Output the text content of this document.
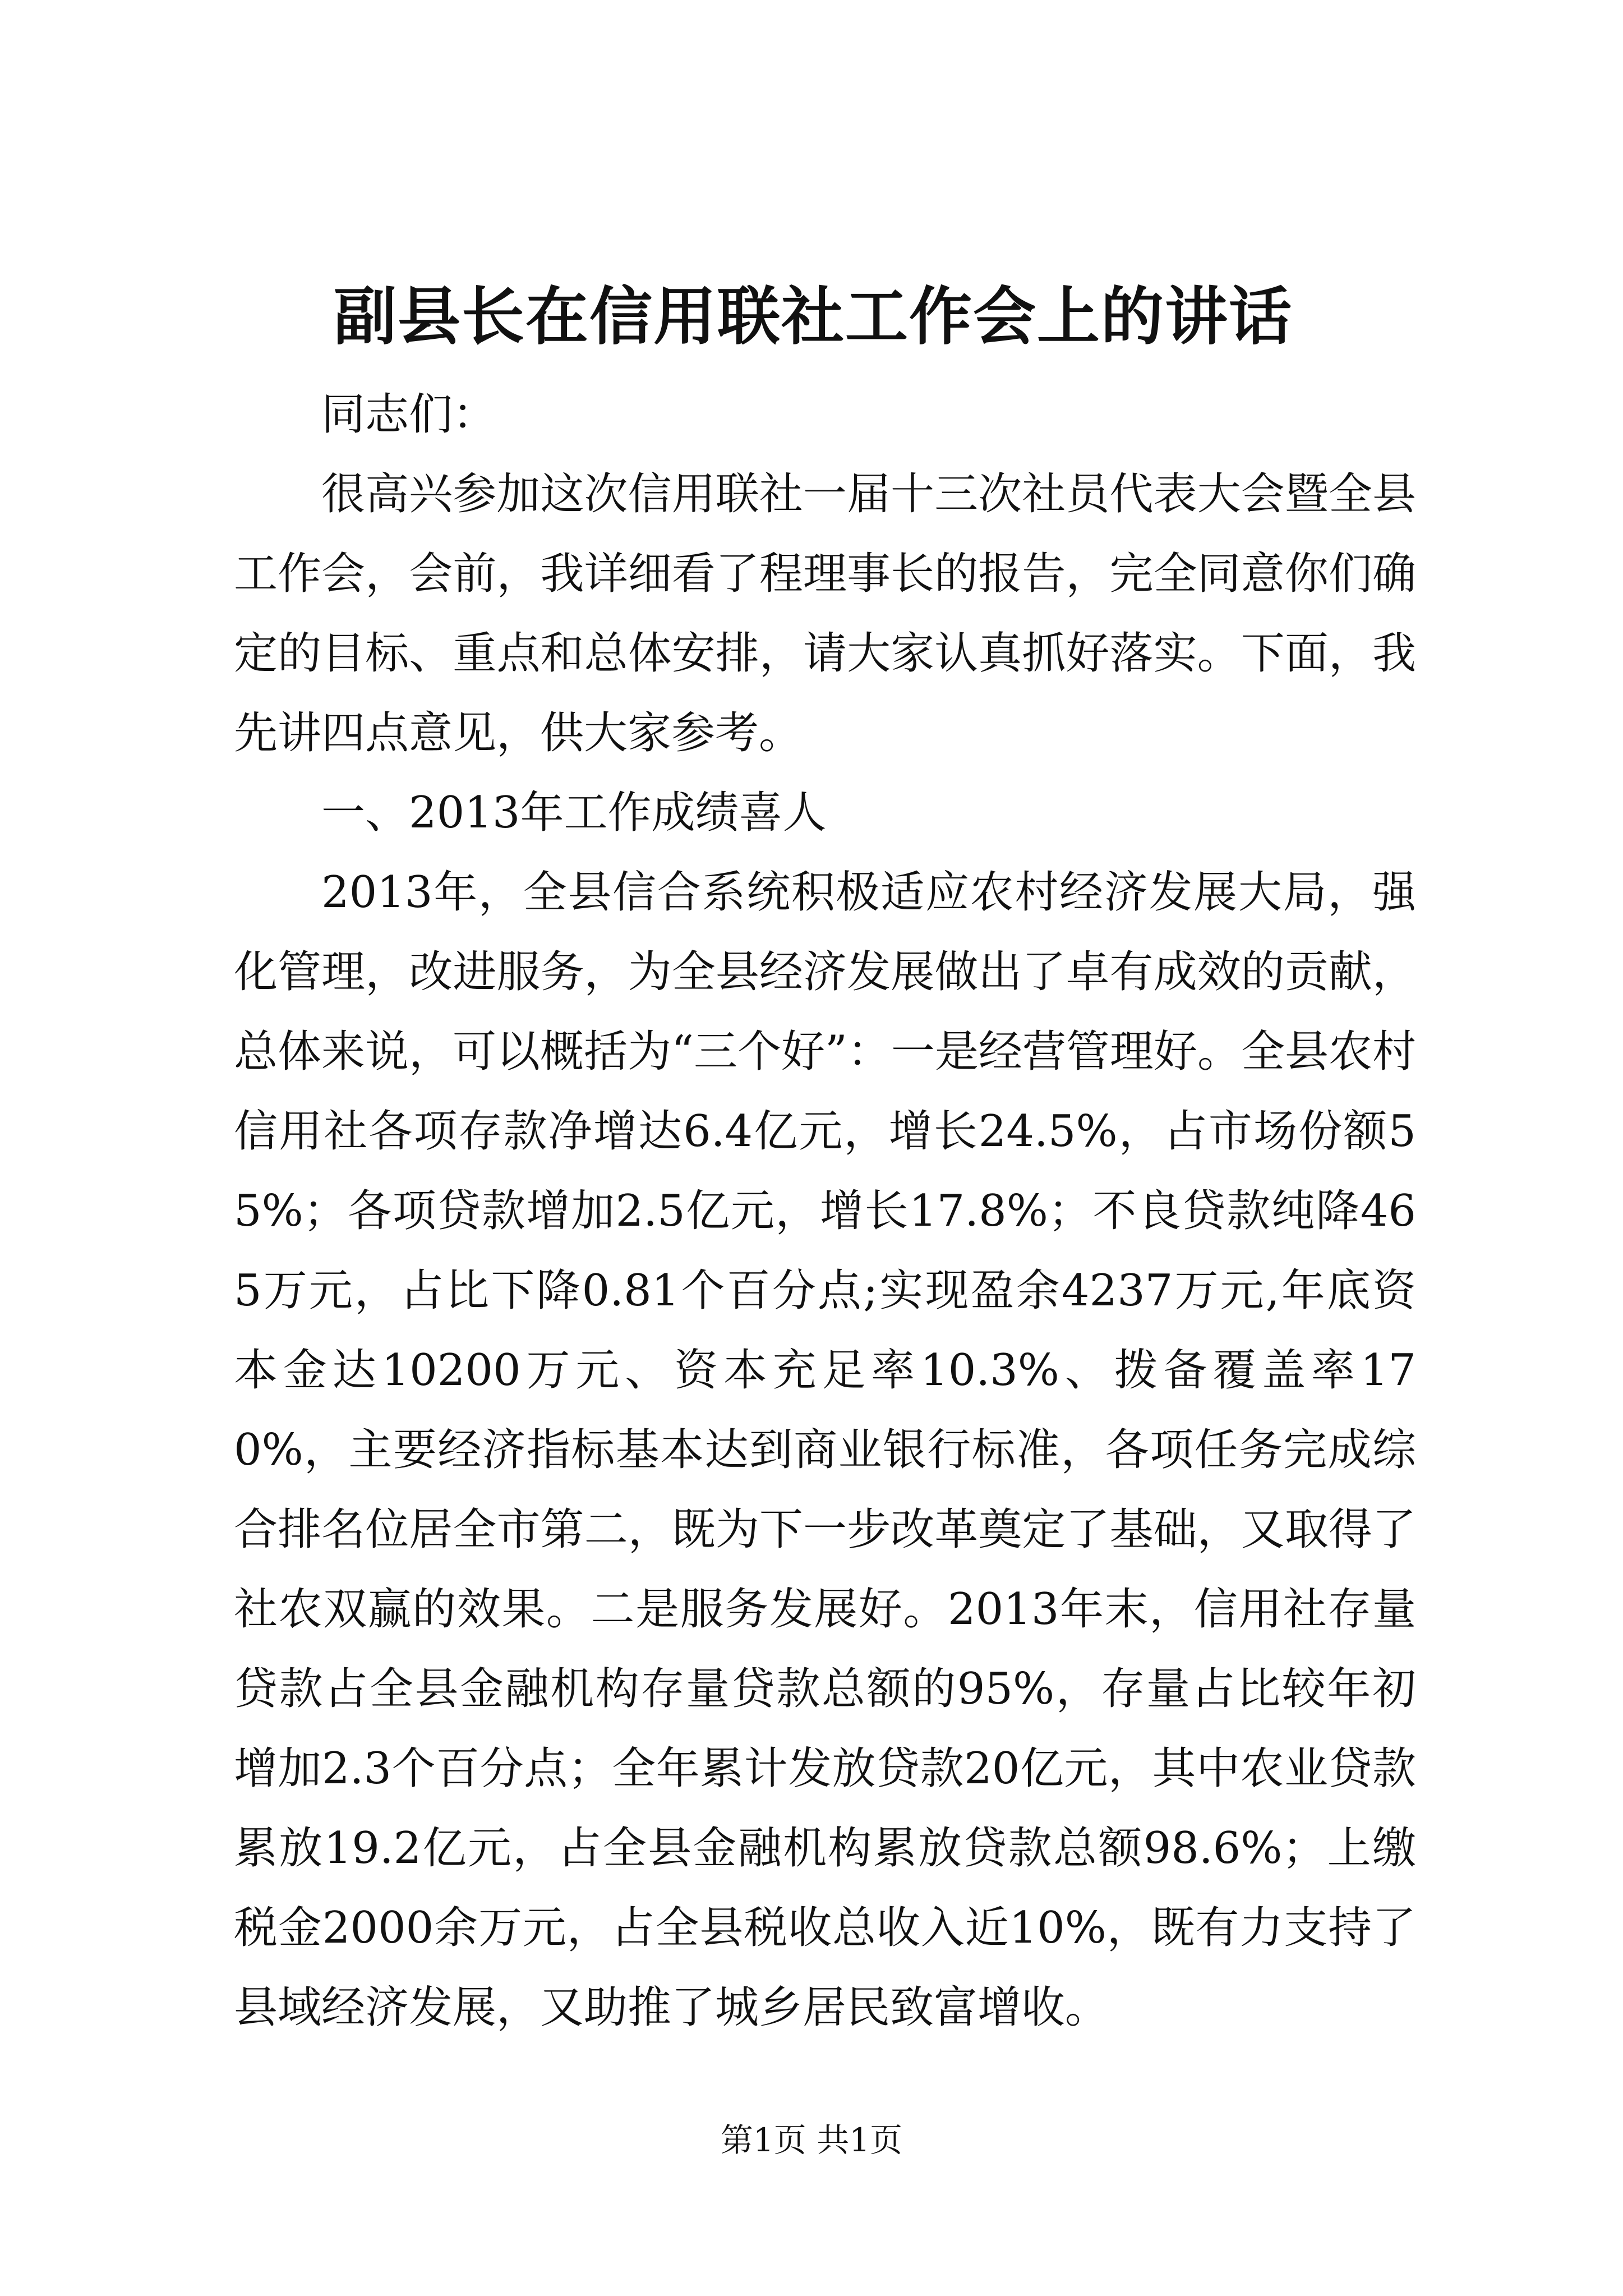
副县长在信用联社工作会上的讲话

同志们：

很高兴参加这次信用联社一届十三次社员代表大会暨全县工作会，会前，我详细看了程理事长的报告，完全同意你们确定的目标、重点和总体安排，请大家认真抓好落实。下面，我先讲四点意见，供大家参考。

一、2013年工作成绩喜人

2013年，全县信合系统积极适应农村经济发展大局，强化管理，改进服务，为全县经济发展做出了卓有成效的贡献，总体来说，可以概括为“三个好”：一是经营管理好。全县农村信用社各项存款净增达6.4亿元，增长24.5%，占市场份额55%；各项贷款增加2.5亿元，增长17.8%；不良贷款纯降465万元，占比下降0.81个百分点;实现盈余4237万元,年底资本金达10200万元、资本充足率10.3%、拨备覆盖率170%，主要经济指标基本达到商业银行标准，各项任务完成综合排名位居全市第二，既为下一步改革奠定了基础，又取得了社农双赢的效果。二是服务发展好。2013年末，信用社存量贷款占全县金融机构存量贷款总额的95%，存量占比较年初增加2.3个百分点；全年累计发放贷款20亿元，其中农业贷款累放19.2亿元，占全县金融机构累放贷款总额98.6%；上缴税金2000余万元，占全县税收总收入近10%，既有力支持了县域经济发展，又助推了城乡居民致富增收。

第1页 共1页
